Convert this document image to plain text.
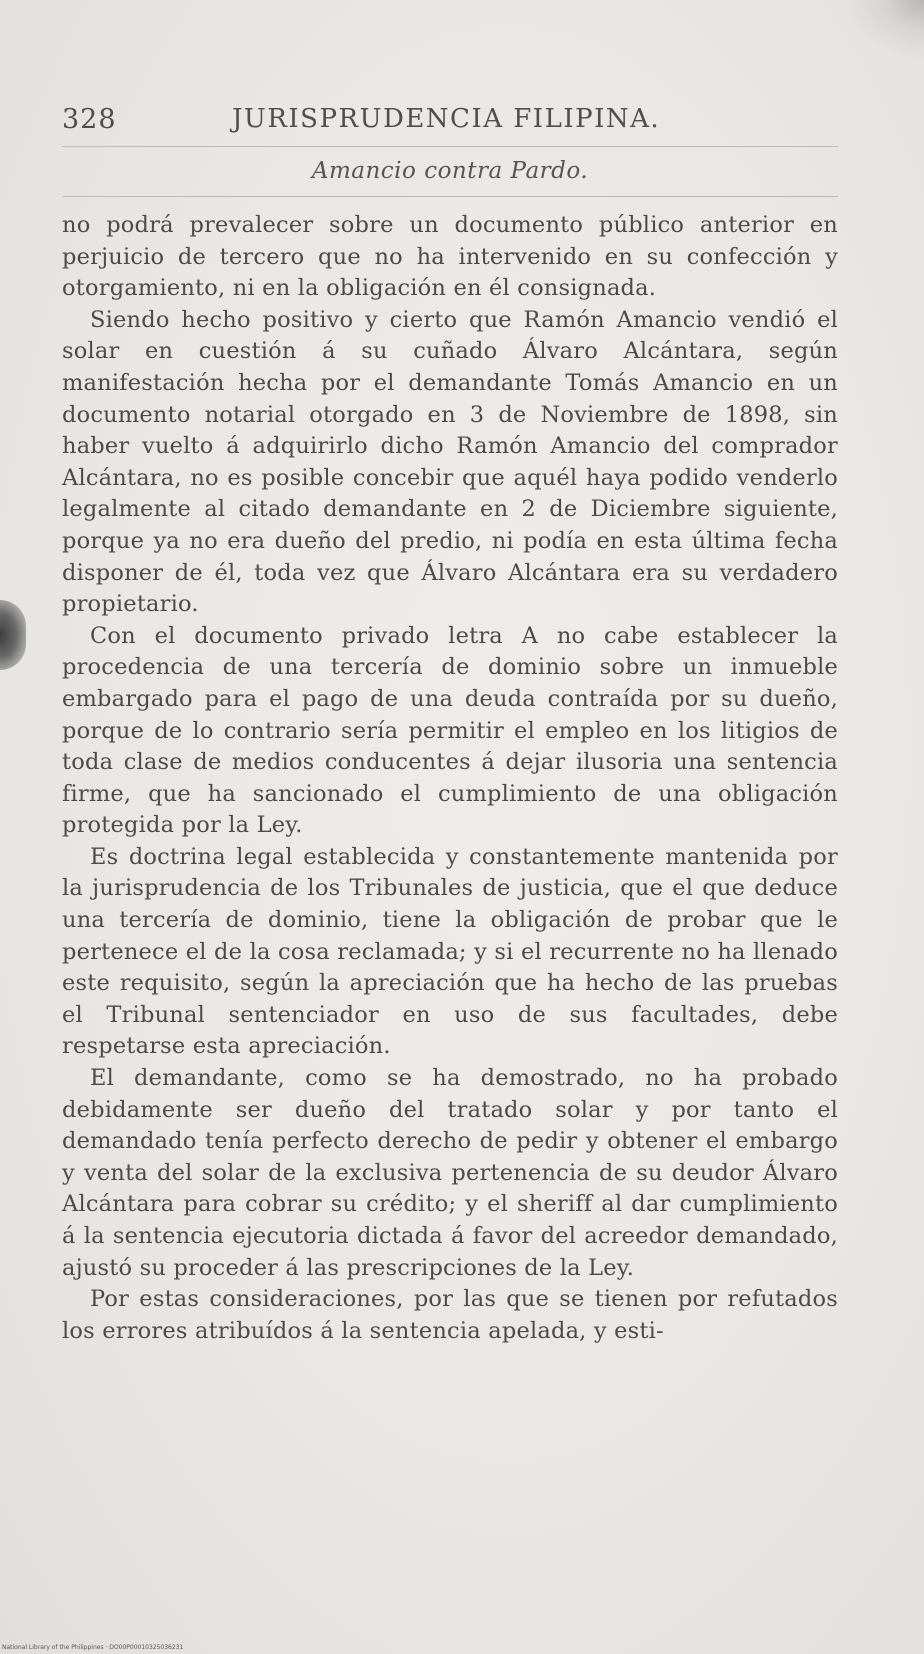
328	JURISPRUDENCIA FILIPINA.
Amancio contra Pardo.

no podrá prevalecer sobre un documento público anterior en perjuicio de tercero que no ha intervenido en su confección y otorgamiento, ni en la obligación en él consignada.

Siendo hecho positivo y cierto que Ramón Amancio vendió el solar en cuestión á su cuñado Álvaro Alcántara, según manifestación hecha por el demandante Tomás Amancio en un documento notarial otorgado en 3 de Noviembre de 1898, sin haber vuelto á adquirirlo dicho Ramón Amancio del comprador Alcántara, no es posible concebir que aquél haya podido venderlo legalmente al citado demandante en 2 de Diciembre siguiente, porque ya no era dueño del predio, ni podía en esta última fecha disponer de él, toda vez que Álvaro Alcántara era su verdadero propietario.

Con el documento privado letra A no cabe establecer la procedencia de una tercería de dominio sobre un inmueble embargado para el pago de una deuda contraída por su dueño, porque de lo contrario sería permitir el empleo en los litigios de toda clase de medios conducentes á dejar ilusoria una sentencia firme, que ha sancionado el cumplimiento de una obligación protegida por la Ley.

Es doctrina legal establecida y constantemente mantenida por la jurisprudencia de los Tribunales de justicia, que el que deduce una tercería de dominio, tiene la obligación de probar que le pertenece el de la cosa reclamada; y si el recurrente no ha llenado este requisito, según la apreciación que ha hecho de las pruebas el Tribunal sentenciador en uso de sus facultades, debe respetarse esta apreciación.

El demandante, como se ha demostrado, no ha probado debidamente ser dueño del tratado solar y por tanto el demandado tenía perfecto derecho de pedir y obtener el embargo y venta del solar de la exclusiva pertenencia de su deudor Álvaro Alcántara para cobrar su crédito; y el sheriff al dar cumplimiento á la sentencia ejecutoria dictada á favor del acreedor demandado, ajustó su proceder á las prescripciones de la Ley.

Por estas consideraciones, por las que se tienen por refutados los errores atribuídos á la sentencia apelada, y esti-

National Library of the Philippines · DO00P00010325036231
